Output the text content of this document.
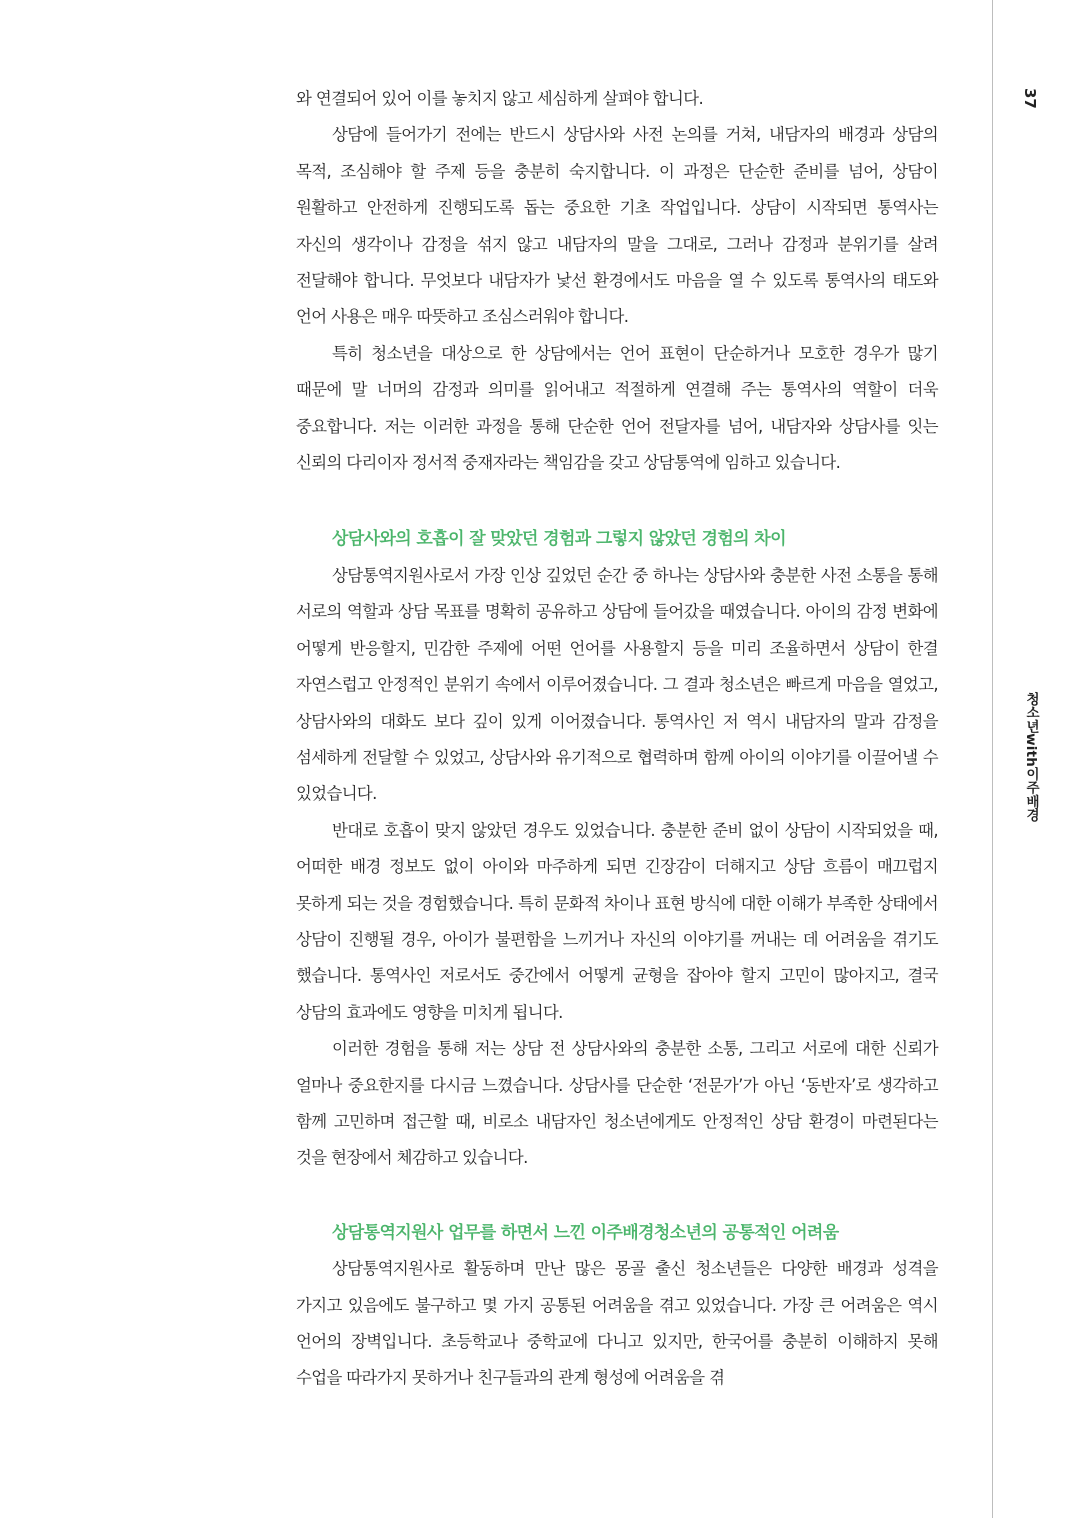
와 연결되어 있어 이를 놓치지 않고 세심하게 살펴야 합니다.

상담에 들어가기 전에는 반드시 상담사와 사전 논의를 거쳐, 내담자의 배경과 상담의 목적, 조심해야 할 주제 등을 충분히 숙지합니다. 이 과정은 단순한 준비를 넘어, 상담이 원활하고 안전하게 진행되도록 돕는 중요한 기초 작업입니다. 상담이 시작되면 통역사는 자신의 생각이나 감정을 섞지 않고 내담자의 말을 그대로, 그러나 감정과 분위기를 살려 전달해야 합니다. 무엇보다 내담자가 낯선 환경에서도 마음을 열 수 있도록 통역사의 태도와 언어 사용은 매우 따뜻하고 조심스러워야 합니다.

특히 청소년을 대상으로 한 상담에서는 언어 표현이 단순하거나 모호한 경우가 많기 때문에 말 너머의 감정과 의미를 읽어내고 적절하게 연결해 주는 통역사의 역할이 더욱 중요합니다. 저는 이러한 과정을 통해 단순한 언어 전달자를 넘어, 내담자와 상담사를 잇는 신뢰의 다리이자 정서적 중재자라는 책임감을 갖고 상담통역에 임하고 있습니다.

상담사와의 호흡이 잘 맞았던 경험과 그렇지 않았던 경험의 차이

상담통역지원사로서 가장 인상 깊었던 순간 중 하나는 상담사와 충분한 사전 소통을 통해 서로의 역할과 상담 목표를 명확히 공유하고 상담에 들어갔을 때였습니다. 아이의 감정 변화에 어떻게 반응할지, 민감한 주제에 어떤 언어를 사용할지 등을 미리 조율하면서 상담이 한결 자연스럽고 안정적인 분위기 속에서 이루어졌습니다. 그 결과 청소년은 빠르게 마음을 열었고, 상담사와의 대화도 보다 깊이 있게 이어졌습니다. 통역사인 저 역시 내담자의 말과 감정을 섬세하게 전달할 수 있었고, 상담사와 유기적으로 협력하며 함께 아이의 이야기를 이끌어낼 수 있었습니다.

반대로 호흡이 맞지 않았던 경우도 있었습니다. 충분한 준비 없이 상담이 시작되었을 때, 어떠한 배경 정보도 없이 아이와 마주하게 되면 긴장감이 더해지고 상담 흐름이 매끄럽지 못하게 되는 것을 경험했습니다. 특히 문화적 차이나 표현 방식에 대한 이해가 부족한 상태에서 상담이 진행될 경우, 아이가 불편함을 느끼거나 자신의 이야기를 꺼내는 데 어려움을 겪기도 했습니다. 통역사인 저로서도 중간에서 어떻게 균형을 잡아야 할지 고민이 많아지고, 결국 상담의 효과에도 영향을 미치게 됩니다.

이러한 경험을 통해 저는 상담 전 상담사와의 충분한 소통, 그리고 서로에 대한 신뢰가 얼마나 중요한지를 다시금 느꼈습니다. 상담사를 단순한 ‘전문가’가 아닌 ‘동반자’로 생각하고 함께 고민하며 접근할 때, 비로소 내담자인 청소년에게도 안정적인 상담 환경이 마련된다는 것을 현장에서 체감하고 있습니다.

상담통역지원사 업무를 하면서 느낀 이주배경청소년의 공통적인 어려움

상담통역지원사로 활동하며 만난 많은 몽골 출신 청소년들은 다양한 배경과 성격을 가지고 있음에도 불구하고 몇 가지 공통된 어려움을 겪고 있었습니다. 가장 큰 어려움은 역시 언어의 장벽입니다. 초등학교나 중학교에 다니고 있지만, 한국어를 충분히 이해하지 못해 수업을 따라가지 못하거나 친구들과의 관계 형성에 어려움을 겪

37
청소년with이주배경
